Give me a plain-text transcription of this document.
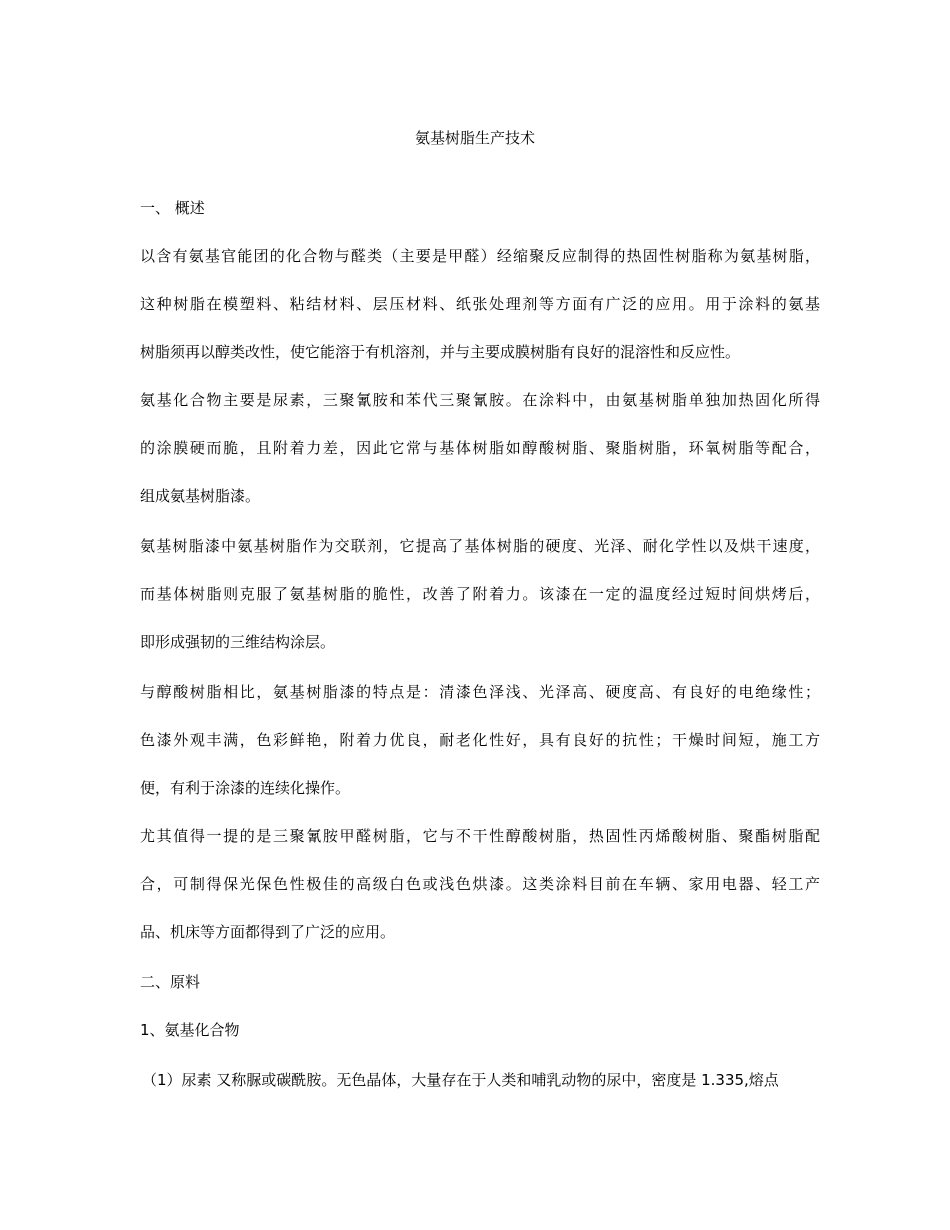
氨基树脂生产技术
一、 概述
以含有氨基官能团的化合物与醛类（主要是甲醛）经缩聚反应制得的热固性树脂称为氨基树脂，
这种树脂在模塑料、粘结材料、层压材料、纸张处理剂等方面有广泛的应用。用于涂料的氨基
树脂须再以醇类改性，使它能溶于有机溶剂，并与主要成膜树脂有良好的混溶性和反应性。
氨基化合物主要是尿素，三聚氰胺和苯代三聚氰胺。在涂料中，由氨基树脂单独加热固化所得
的涂膜硬而脆，且附着力差，因此它常与基体树脂如醇酸树脂、聚脂树脂，环氧树脂等配合，
组成氨基树脂漆。
氨基树脂漆中氨基树脂作为交联剂，它提高了基体树脂的硬度、光泽、耐化学性以及烘干速度，
而基体树脂则克服了氨基树脂的脆性，改善了附着力。该漆在一定的温度经过短时间烘烤后，
即形成强韧的三维结构涂层。
与醇酸树脂相比，氨基树脂漆的特点是：清漆色泽浅、光泽高、硬度高、有良好的电绝缘性；
色漆外观丰满，色彩鲜艳，附着力优良，耐老化性好，具有良好的抗性；干燥时间短，施工方
便，有利于涂漆的连续化操作。
尤其值得一提的是三聚氰胺甲醛树脂，它与不干性醇酸树脂，热固性丙烯酸树脂、聚酯树脂配
合，可制得保光保色性极佳的高级白色或浅色烘漆。这类涂料目前在车辆、家用电器、轻工产
品、机床等方面都得到了广泛的应用。
二、原料
1、氨基化合物
（1）尿素 又称脲或碳酰胺。无色晶体，大量存在于人类和哺乳动物的尿中，密度是 1.335,熔点
